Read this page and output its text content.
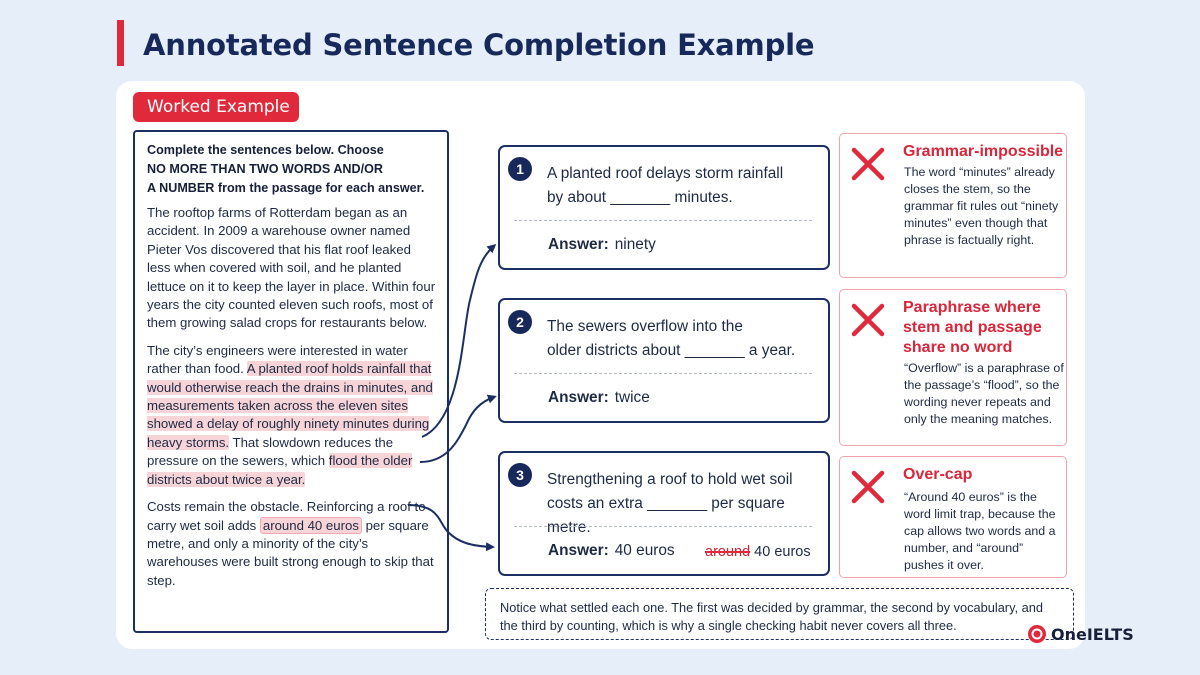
Annotated Sentence Completion Example
Worked Example
Complete the sentences below. Choose
NO MORE THAN TWO WORDS AND/OR
A NUMBER from the passage for each answer.

The rooftop farms of Rotterdam began as an accident. In 2009 a warehouse owner named Pieter Vos discovered that his flat roof leaked less when covered with soil, and he planted lettuce on it to keep the layer in place. Within four years the city counted eleven such roofs, most of them growing salad crops for restaurants below.

The city’s engineers were interested in water rather than food. A planted roof holds rainfall that would otherwise reach the drains in minutes, and measurements taken across the eleven sites showed a delay of roughly ninety minutes during heavy storms. That slowdown reduces the pressure on the sewers, which flood the older districts about twice a year.

Costs remain the obstacle. Reinforcing a roof to carry wet soil adds around 40 euros per square metre, and only a minority of the city’s warehouses were built strong enough to skip that step.

1	A planted roof delays storm rainfall
by about _______ minutes.
Answer: ninety
2	The sewers overflow into the
older districts about _______ a year.
Answer: twice
3	Strengthening a roof to hold wet soil
costs an extra _______ per square metre.
Answer: 40 euros around 40 euros
Grammar-impossible
The word “minutes” already closes the stem, so the grammar fit rules out “ninety minutes” even though that phrase is factually right.
Paraphrase where stem and passage share no word
“Overflow” is a paraphrase of the passage’s “flood”, so the wording never repeats and only the meaning matches.
Over-cap
“Around 40 euros” is the word limit trap, because the cap allows two words and a number, and “around” pushes it over.
Notice what settled each one. The first was decided by grammar, the second by vocabulary, and the third by counting, which is why a single checking habit never covers all three.	OneIELTS
